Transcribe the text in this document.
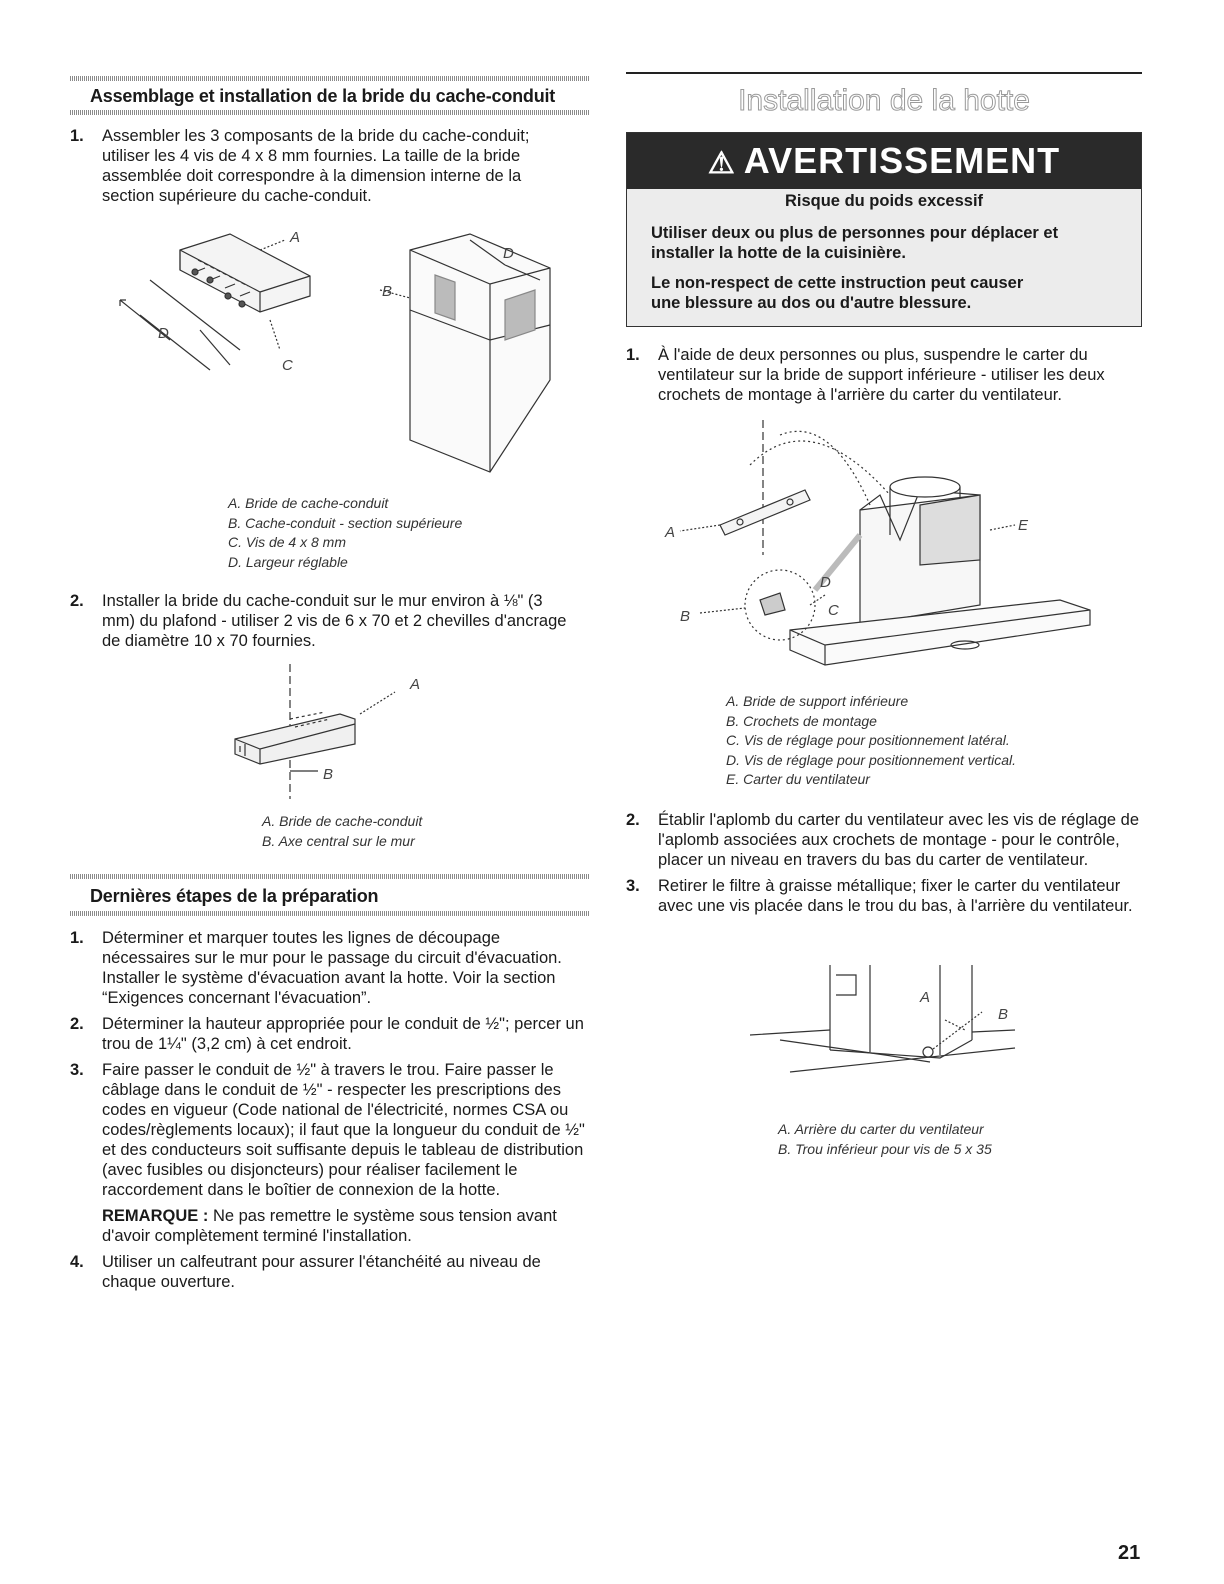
Assemblage et installation de la bride du cache-conduit
1. Assembler les 3 composants de la bride du cache-conduit; utiliser les 4 vis de 4 x 8 mm fournies. La taille de la bride assemblée doit correspondre à la dimension interne de la section supérieure du cache-conduit.
A
D
C
B
D
A. Bride de cache-conduit
B. Cache-conduit - section supérieure
C. Vis de 4 x 8 mm
D. Largeur réglable
2. Installer la bride du cache-conduit sur le mur environ à ⅛" (3 mm) du plafond - utiliser 2 vis de 6 x 70 et 2 chevilles d'ancrage de diamètre 10 x 70 fournies.
A
B
A. Bride de cache-conduit
B. Axe central sur le mur
Dernières étapes de la préparation
1. Déterminer et marquer toutes les lignes de découpage nécessaires sur le mur pour le passage du circuit d'évacuation. Installer le système d'évacuation avant la hotte. Voir la section “Exigences concernant l'évacuation”.
2. Déterminer la hauteur appropriée pour le conduit de ½"; percer un trou de 1¼" (3,2 cm) à cet endroit.
3. Faire passer le conduit de ½" à travers le trou. Faire passer le câblage dans le conduit de ½" - respecter les prescriptions des codes en vigueur (Code national de l'électricité, normes CSA ou codes/règlements locaux); il faut que la longueur du conduit de ½" et des conducteurs soit suffisante depuis le tableau de distribution (avec fusibles ou disjoncteurs) pour réaliser facilement le raccordement dans le boîtier de connexion de la hotte.
REMARQUE : Ne pas remettre le système sous tension avant d'avoir complètement terminé l'installation.
4. Utiliser un calfeutrant pour assurer l'étanchéité au niveau de chaque ouverture.
Installation de la hotte
⚠ AVERTISSEMENT
Risque du poids excessif
Utiliser deux ou plus de personnes pour déplacer et
installer la hotte de la cuisinière.
Le non-respect de cette instruction peut causer
une blessure au dos ou d'autre blessure.
1. À l'aide de deux personnes ou plus, suspendre le carter du ventilateur sur la bride de support inférieure - utiliser les deux crochets de montage à l'arrière du carter du ventilateur.
A
B	C
D
E
A. Bride de support inférieure
B. Crochets de montage
C. Vis de réglage pour positionnement latéral.
D. Vis de réglage pour positionnement vertical.
E. Carter du ventilateur
2. Établir l'aplomb du carter du ventilateur avec les vis de réglage de l'aplomb associées aux crochets de montage - pour le contrôle, placer un niveau en travers du bas du carter de ventilateur.
3. Retirer le filtre à graisse métallique; fixer le carter du ventilateur avec une vis placée dans le trou du bas, à l'arrière du ventilateur.
A
B
A. Arrière du carter du ventilateur
B. Trou inférieur pour vis de 5 x 35
21
